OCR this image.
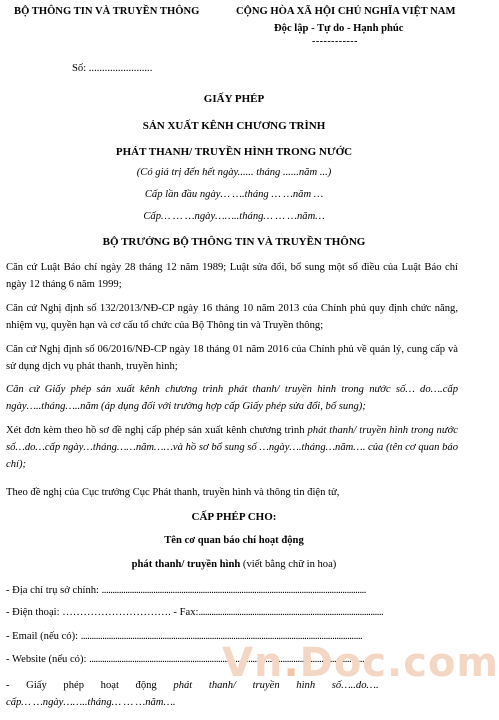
BỘ THÔNG TIN VÀ TRUYỀN THÔNG	CỘNG HÒA XÃ HỘI CHỦ NGHĨA VIỆT NAM
Độc lập - Tự do - Hạnh phúc
------------
Số: ........................
GIẤY PHÉP
SẢN XUẤT KÊNH CHƯƠNG TRÌNH
PHÁT THANH/ TRUYỀN HÌNH TRONG NƯỚC
(Có giá trị đến hết ngày...... tháng ......năm ...)
Cấp lần đầu ngày… ….tháng … …năm …
Cấp… … …ngày……..tháng… … …năm…
BỘ TRƯỞNG BỘ THÔNG TIN VÀ TRUYỀN THÔNG
Căn cứ Luật Báo chí ngày 28 tháng 12 năm 1989; Luật sửa đổi, bổ sung một số điều của Luật Báo chí ngày 12 tháng 6 năm 1999;
Căn cứ Nghị định số 132/2013/NĐ-CP ngày 16 tháng 10 năm 2013 của Chính phủ quy định chức năng, nhiệm vụ, quyền hạn và cơ cấu tổ chức của Bộ Thông tin và Truyền thông;
Căn cứ Nghị định số 06/2016/NĐ-CP ngày 18 tháng 01 năm 2016 của Chính phủ về quản lý, cung cấp và sử dụng dịch vụ phát thanh, truyền hình;
Căn cứ Giấy phép sản xuất kênh chương trình phát thanh/ truyền hình trong nước số… do….cấp ngày…..tháng…..năm (áp dụng đối với trường hợp cấp Giấy phép sửa đổi, bổ sung);
Xét đơn kèm theo hồ sơ đề nghị cấp phép sản xuất kênh chương trình phát thanh/ truyền hình trong nước số…do…cấp ngày…tháng……năm……và hồ sơ bổ sung số …ngày….tháng…năm…. của (tên cơ quan báo chí);
Theo đề nghị của Cục trưởng Cục Phát thanh, truyền hình và thông tin điện tử,
CẤP PHÉP CHO:
Tên cơ quan báo chí hoạt động
phát thanh/ truyền hình (viết bằng chữ in hoa)
- Địa chỉ trụ sở chính: ...........................................................................................................................
- Điện thoại: …………………………. - Fax:......................................................................................
- Email (nếu có): ...................................................................................................................................
- Website (nếu có): ................................................................................................................................
Vn.Doc.com
- Giấy phép hoạt động phát thanh/ truyền hình số…..do….
cấp… …ngày……..tháng… … …năm….
